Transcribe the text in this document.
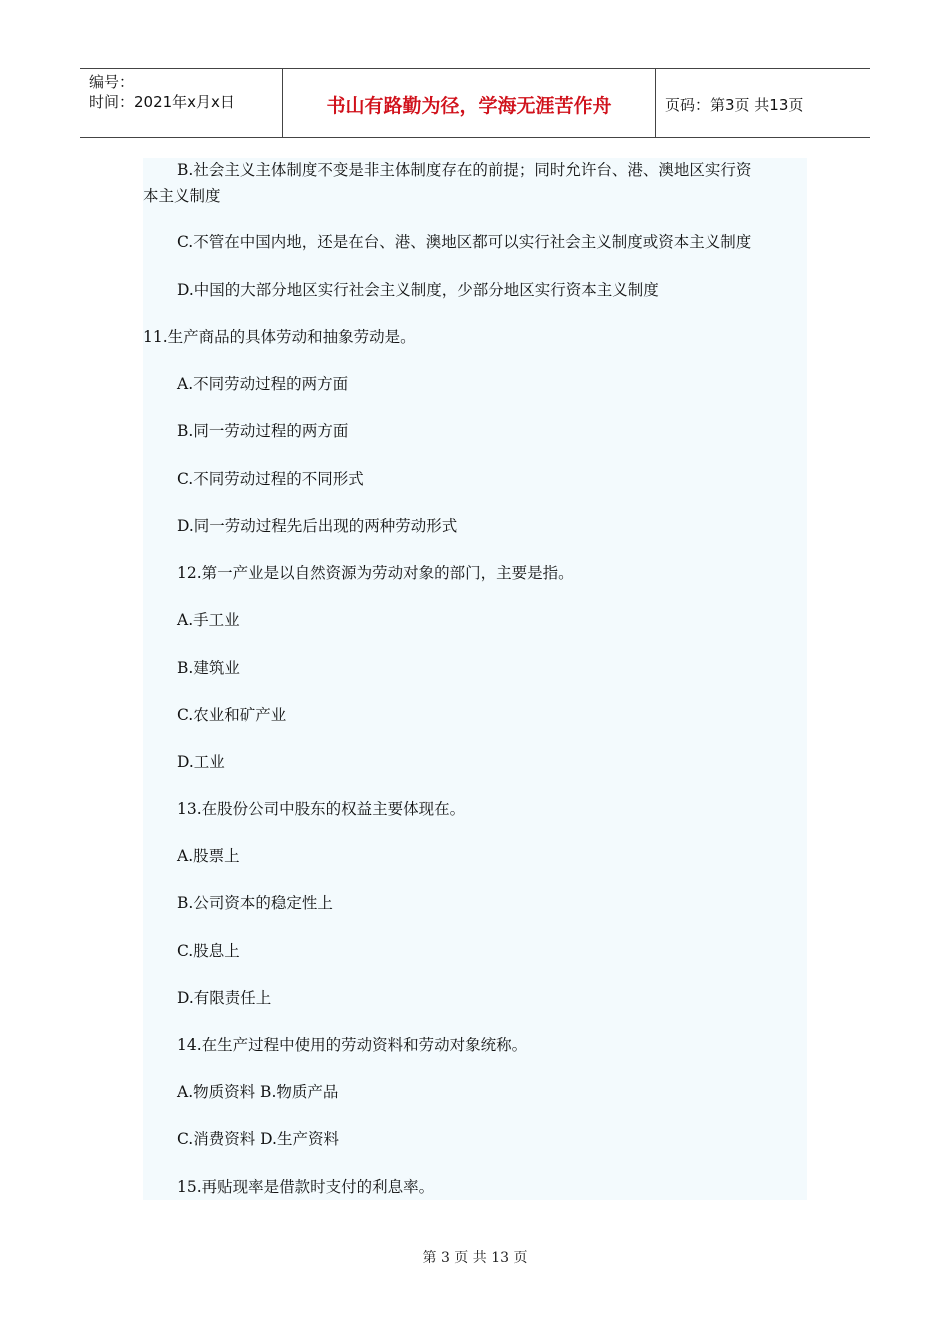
编号：
时间：2021年x月x日	书山有路勤为径，学海无涯苦作舟	页码：第3页 共13页
B.社会主义主体制度不变是非主体制度存在的前提；同时允许台、港、澳地区实行资
本主义制度
C.不管在中国内地，还是在台、港、澳地区都可以实行社会主义制度或资本主义制度
D.中国的大部分地区实行社会主义制度，少部分地区实行资本主义制度
11.生产商品的具体劳动和抽象劳动是。
A.不同劳动过程的两方面
B.同一劳动过程的两方面
C.不同劳动过程的不同形式
D.同一劳动过程先后出现的两种劳动形式
12.第一产业是以自然资源为劳动对象的部门，主要是指。
A.手工业
B.建筑业
C.农业和矿产业
D.工业
13.在股份公司中股东的权益主要体现在。
A.股票上
B.公司资本的稳定性上
C.股息上
D.有限责任上
14.在生产过程中使用的劳动资料和劳动对象统称。
A.物质资料 B.物质产品
C.消费资料 D.生产资料
15.再贴现率是借款时支付的利息率。
第 3 页 共 13 页
